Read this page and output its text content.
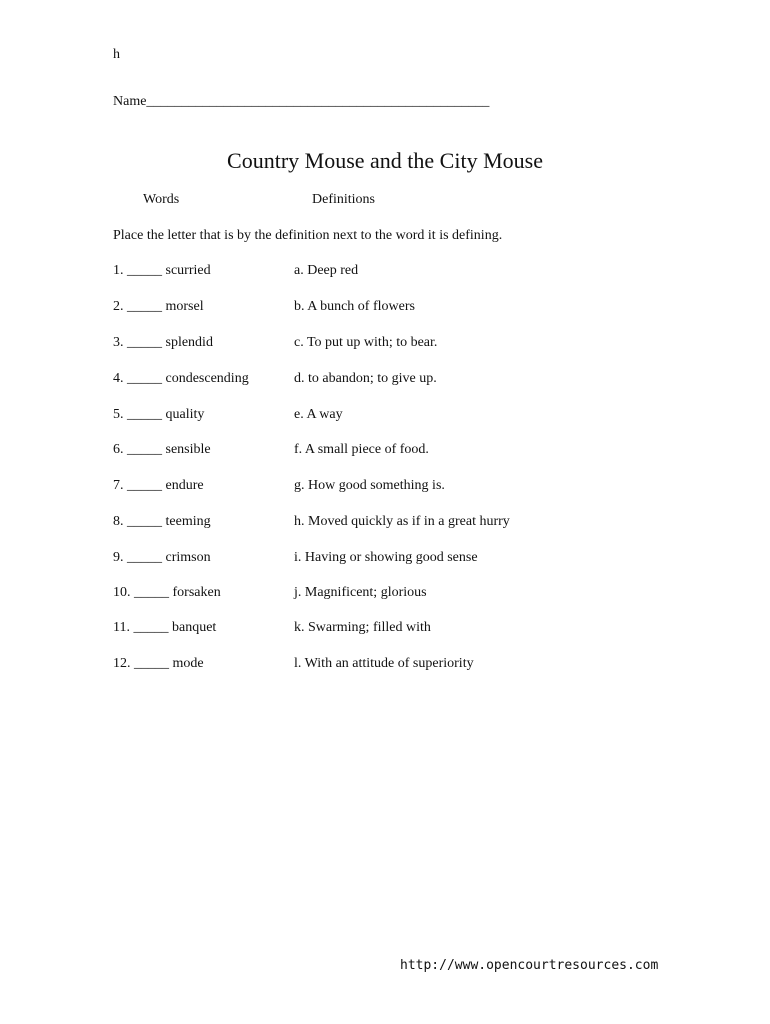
h
Name_________________________________________________
Country Mouse and the City Mouse
Words	Definitions
Place the letter that is by the definition next to the word it is defining.
1. _____ scurried	a. Deep red
2. _____ morsel	b. A bunch of flowers
3. _____ splendid	c. To put up with; to bear.
4. _____ condescending	d. to abandon; to give up.
5. _____ quality	e. A way
6. _____ sensible	f. A small piece of food.
7. _____ endure	g. How good something is.
8. _____ teeming	h. Moved quickly as if in a great hurry
9. _____ crimson	i. Having or showing good sense
10. _____ forsaken	j. Magnificent; glorious
11. _____ banquet	k. Swarming; filled with
12. _____ mode	l. With an attitude of superiority
http://www.opencourtresources.com
